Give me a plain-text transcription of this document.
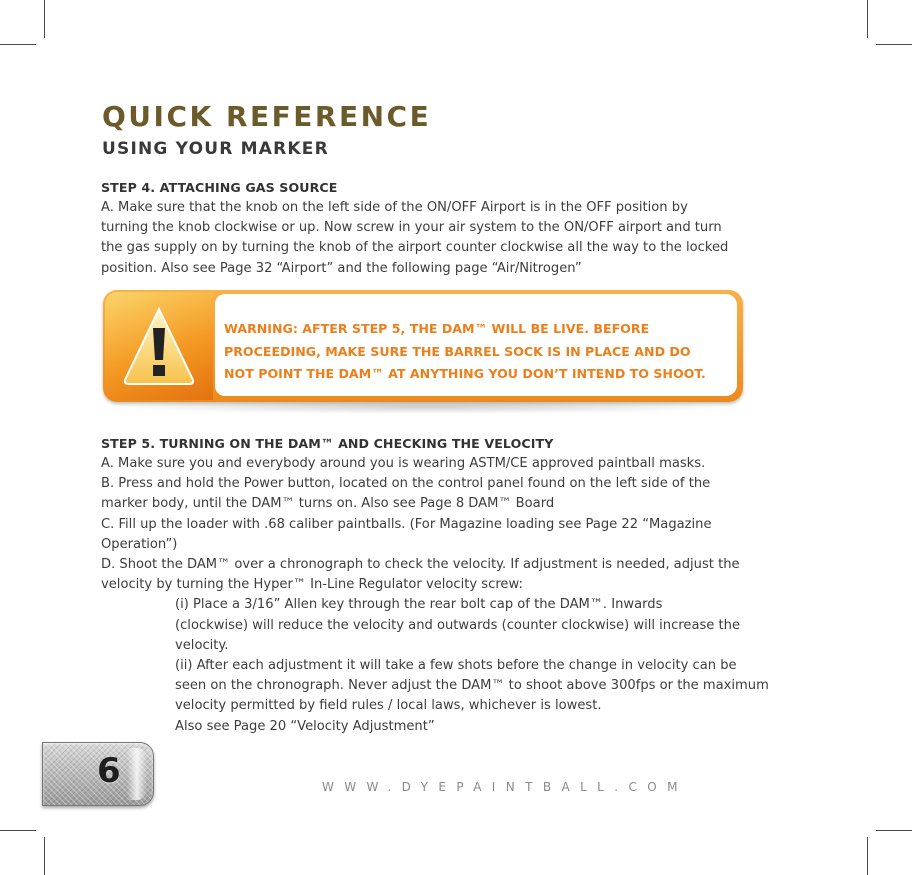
QUICK REFERENCE
USING YOUR MARKER
STEP 4. ATTACHING GAS SOURCE

A. Make sure that the knob on the left side of the ON/OFF Airport is in the OFF position by

turning the knob clockwise or up. Now screw in your air system to the ON/OFF airport and turn

the gas supply on by turning the knob of the airport counter clockwise all the way to the locked

position. Also see Page 32 “Airport” and the following page “Air/Nitrogen”

WARNING: AFTER STEP 5, THE DAM™ WILL BE LIVE. BEFORE
PROCEEDING, MAKE SURE THE BARREL SOCK IS IN PLACE AND DO
NOT POINT THE DAM™ AT ANYTHING YOU DON’T INTEND TO SHOOT.
STEP 5. TURNING ON THE DAM™ AND CHECKING THE VELOCITY

A. Make sure you and everybody around you is wearing ASTM/CE approved paintball masks.

B. Press and hold the Power button, located on the control panel found on the left side of the

marker body, until the DAM™ turns on. Also see Page 8 DAM™ Board

C. Fill up the loader with .68 caliber paintballs. (For Magazine loading see Page 22 “Magazine

Operation”)

D. Shoot the DAM™ over a chronograph to check the velocity. If adjustment is needed, adjust the

velocity by turning the Hyper™ In-Line Regulator velocity screw:

(i) Place a 3/16” Allen key through the rear bolt cap of the DAM™. Inwards

(clockwise) will reduce the velocity and outwards (counter clockwise) will increase the

velocity.

(ii) After each adjustment it will take a few shots before the change in velocity can be

seen on the chronograph. Never adjust the DAM™ to shoot above 300fps or the maximum

velocity permitted by field rules / local laws, whichever is lowest.

Also see Page 20 “Velocity Adjustment”

6	WWW.DYEPAINTBALL.COM
